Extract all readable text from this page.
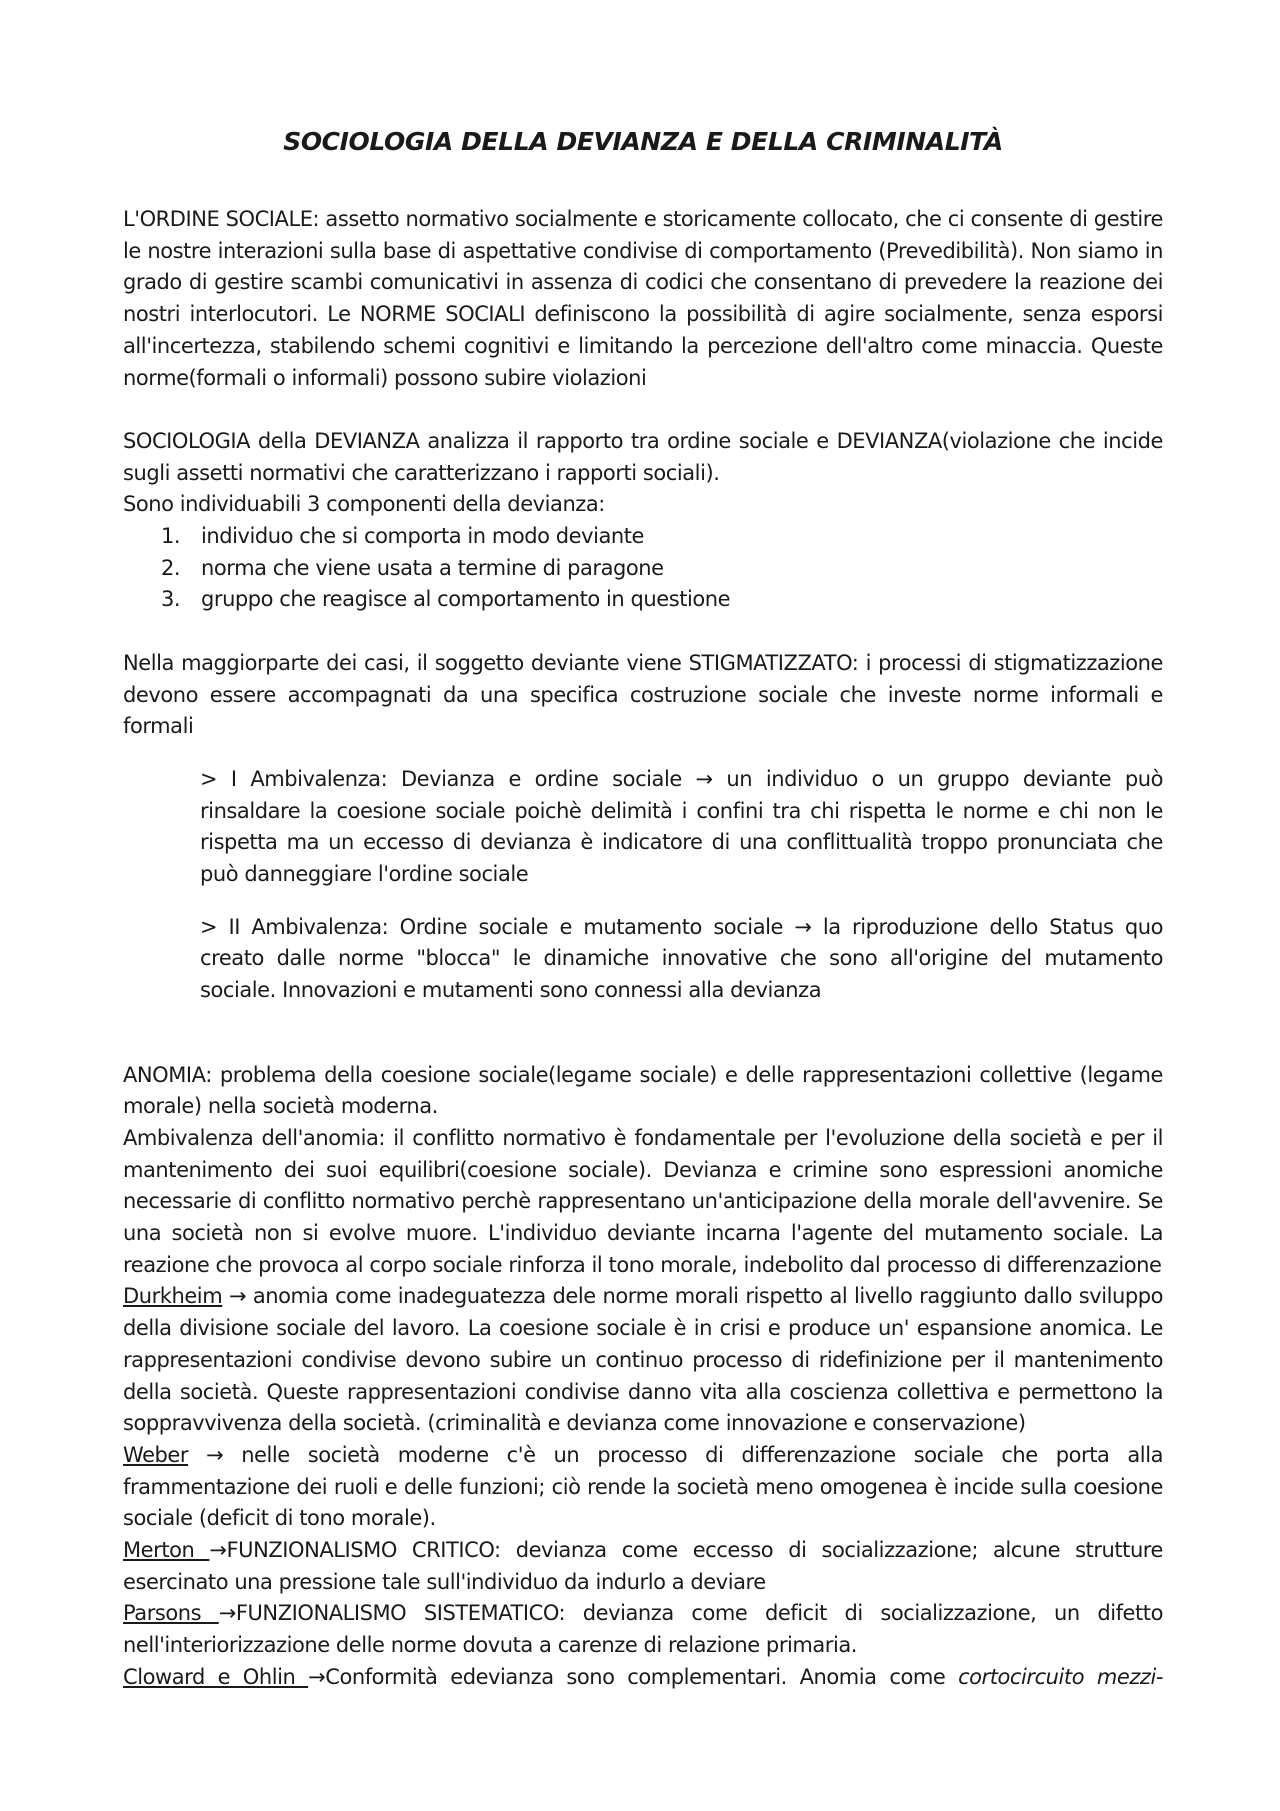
SOCIOLOGIA DELLA DEVIANZA E DELLA CRIMINALITÀ

L'ORDINE SOCIALE: assetto normativo socialmente e storicamente collocato, che ci consente di gestire le nostre interazioni sulla base di aspettative condivise di comportamento (Prevedibilità). Non siamo in grado di gestire scambi comunicativi in assenza di codici che consentano di prevedere la reazione dei nostri interlocutori. Le NORME SOCIALI definiscono la possibilità di agire socialmente, senza esporsi all'incertezza, stabilendo schemi cognitivi e limitando la percezione dell'altro come minaccia. Queste norme(formali o informali) possono subire violazioni

SOCIOLOGIA della DEVIANZA analizza il rapporto tra ordine sociale e DEVIANZA(violazione che incide sugli assetti normativi che caratterizzano i rapporti sociali).

Sono individuabili 3 componenti della devianza:

1. individuo che si comporta in modo deviante
2. norma che viene usata a termine di paragone
3. gruppo che reagisce al comportamento in questione

Nella maggiorparte dei casi, il soggetto deviante viene STIGMATIZZATO: i processi di stigmatizzazione devono essere accompagnati da una specifica costruzione sociale che investe norme informali e formali

> I Ambivalenza: Devianza e ordine sociale → un individuo o un gruppo deviante può rinsaldare la coesione sociale poichè delimità i confini tra chi rispetta le norme e chi non le rispetta ma un eccesso di devianza è indicatore di una conflittualità troppo pronunciata che può danneggiare l'ordine sociale

> II Ambivalenza: Ordine sociale e mutamento sociale → la riproduzione dello Status quo creato dalle norme "blocca" le dinamiche innovative che sono all'origine del mutamento sociale. Innovazioni e mutamenti sono connessi alla devianza

ANOMIA: problema della coesione sociale(legame sociale) e delle rappresentazioni collettive (legame morale) nella società moderna.

Ambivalenza dell'anomia: il conflitto normativo è fondamentale per l'evoluzione della società e per il mantenimento dei suoi equilibri(coesione sociale). Devianza e crimine sono espressioni anomiche necessarie di conflitto normativo perchè rappresentano un'anticipazione della morale dell'avvenire. Se una società non si evolve muore. L'individuo deviante incarna l'agente del mutamento sociale. La reazione che provoca al corpo sociale rinforza il tono morale, indebolito dal processo di differenzazione

Durkheim → anomia come inadeguatezza dele norme morali rispetto al livello raggiunto dallo sviluppo della divisione sociale del lavoro. La coesione sociale è in crisi e produce un' espansione anomica. Le rappresentazioni condivise devono subire un continuo processo di ridefinizione per il mantenimento della società. Queste rappresentazioni condivise danno vita alla coscienza collettiva e permettono la soppravvivenza della società. (criminalità e devianza come innovazione e conservazione)

Weber → nelle società moderne c'è un processo di differenzazione sociale che porta alla frammentazione dei ruoli e delle funzioni; ciò rende la società meno omogenea è incide sulla coesione sociale (deficit di tono morale).

Merton →FUNZIONALISMO CRITICO: devianza come eccesso di socializzazione; alcune strutture esercinato una pressione tale sull'individuo da indurlo a deviare

Parsons →FUNZIONALISMO SISTEMATICO: devianza come deficit di socializzazione, un difetto nell'interiorizzazione delle norme dovuta a carenze di relazione primaria.

Cloward e Ohlin →Conformità edevianza sono complementari. Anomia come cortocircuito mezzi-
